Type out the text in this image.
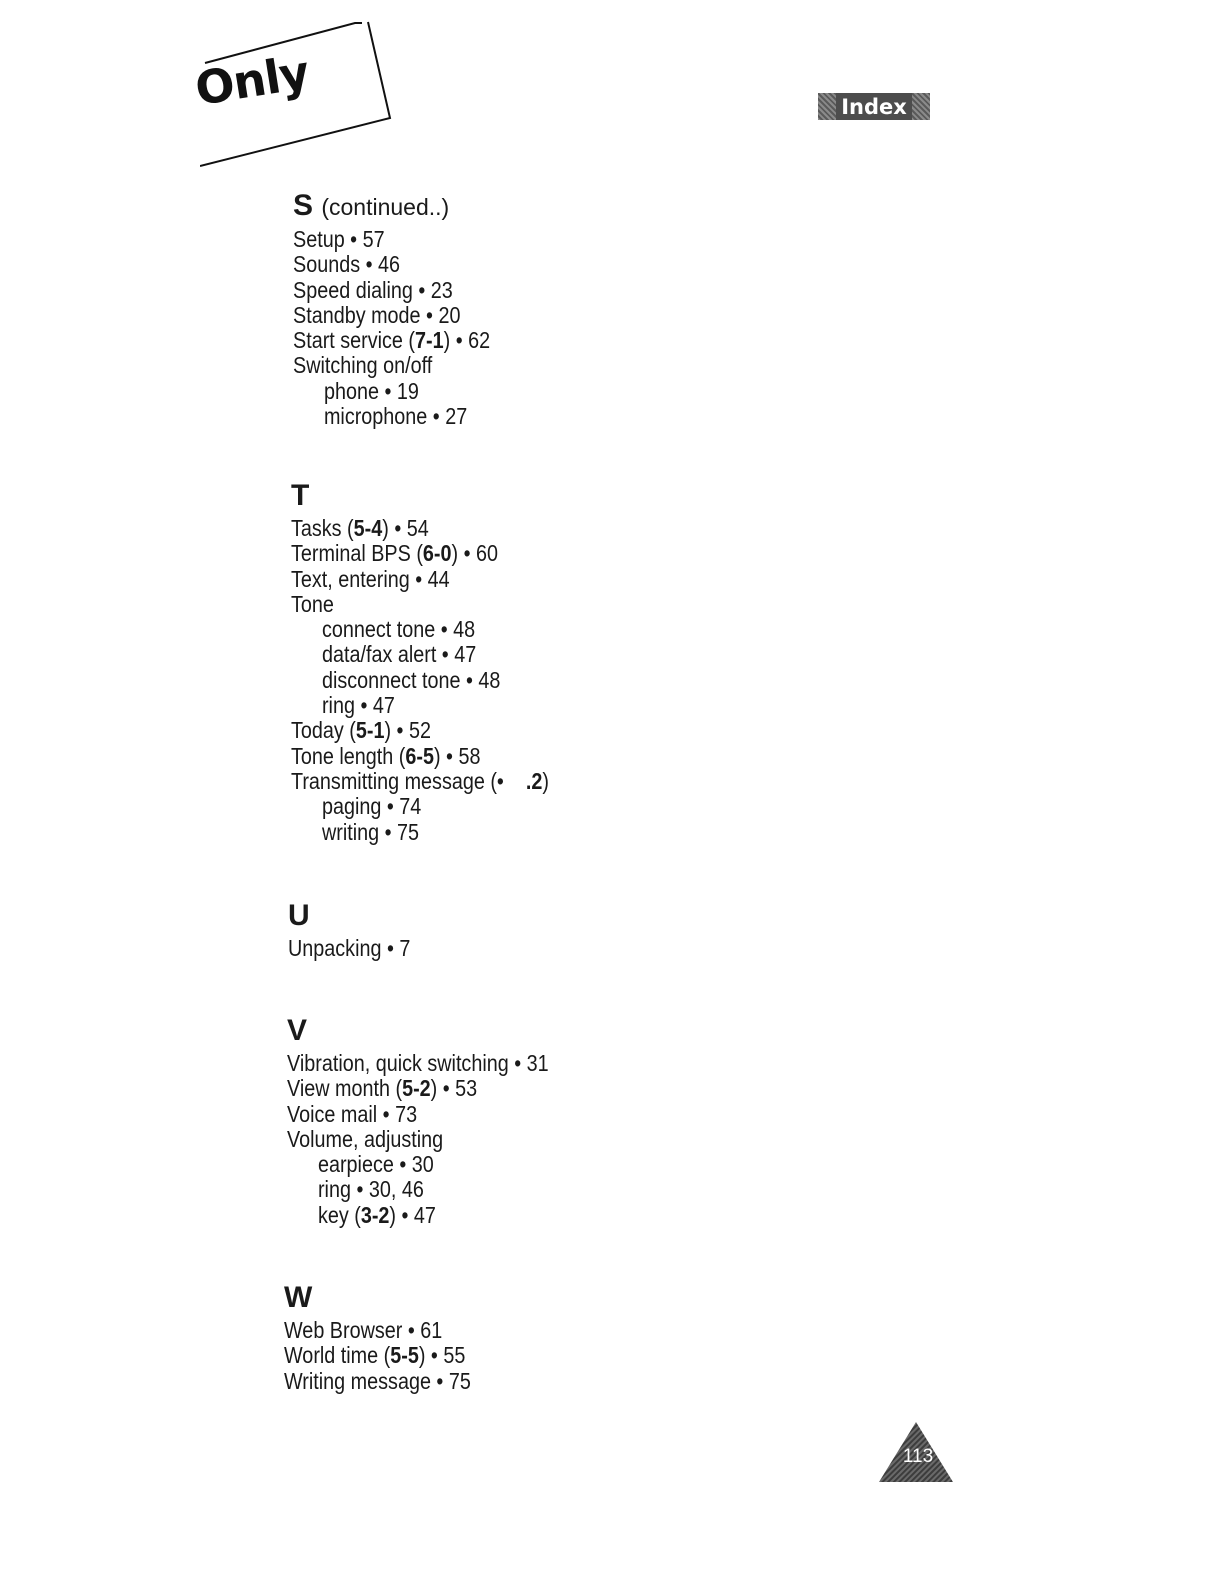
Only	Index
S (continued..)
Setup • 57
Sounds • 46
Speed dialing • 23
Standby mode • 20
Start service (7-1) • 62
Switching on/off
phone • 19
microphone • 27
T
Tasks (5-4) • 54
Terminal BPS (6-0) • 60
Text, entering • 44
Tone
connect tone • 48
data/fax alert • 47
disconnect tone • 48
ring • 47
Today (5-1) • 52
Tone length (6-5) • 58
Transmitting message (•    .2)
paging • 74
writing • 75
U
Unpacking • 7
V
Vibration, quick switching • 31
View month (5-2) • 53
Voice mail • 73
Volume, adjusting
earpiece • 30
ring • 30, 46
key (3-2) • 47
W
Web Browser • 61
World time (5-5) • 55
Writing message • 75
113
